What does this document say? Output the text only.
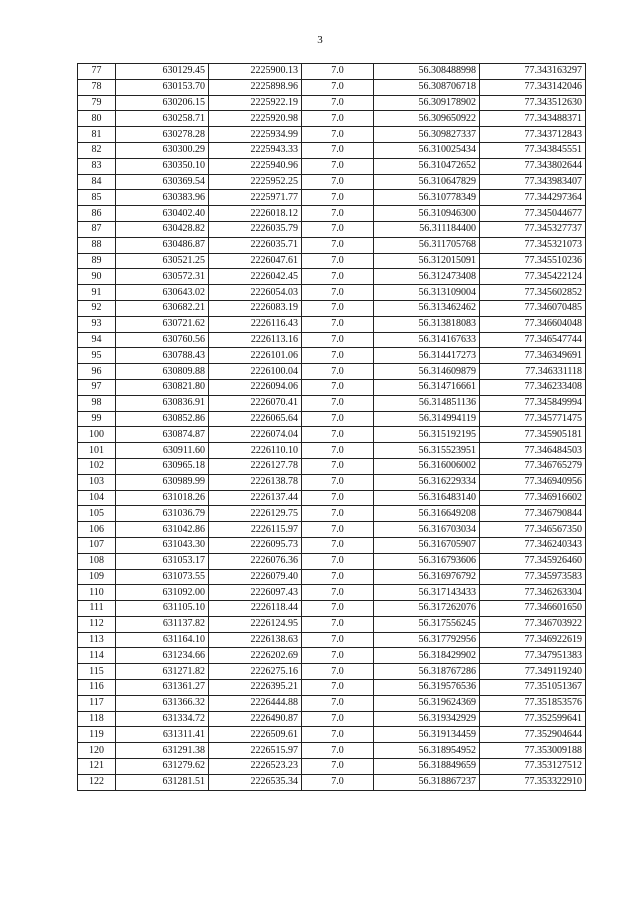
3
77	630129.45	2225900.13	7.0	56.308488998	77.343163297
78	630153.70	2225898.96	7.0	56.308706718	77.343142046
79	630206.15	2225922.19	7.0	56.309178902	77.343512630
80	630258.71	2225920.98	7.0	56.309650922	77.343488371
81	630278.28	2225934.99	7.0	56.309827337	77.343712843
82	630300.29	2225943.33	7.0	56.310025434	77.343845551
83	630350.10	2225940.96	7.0	56.310472652	77.343802644
84	630369.54	2225952.25	7.0	56.310647829	77.343983407
85	630383.96	2225971.77	7.0	56.310778349	77.344297364
86	630402.40	2226018.12	7.0	56.310946300	77.345044677
87	630428.82	2226035.79	7.0	56.311184400	77.345327737
88	630486.87	2226035.71	7.0	56.311705768	77.345321073
89	630521.25	2226047.61	7.0	56.312015091	77.345510236
90	630572.31	2226042.45	7.0	56.312473408	77.345422124
91	630643.02	2226054.03	7.0	56.313109004	77.345602852
92	630682.21	2226083.19	7.0	56.313462462	77.346070485
93	630721.62	2226116.43	7.0	56.313818083	77.346604048
94	630760.56	2226113.16	7.0	56.314167633	77.346547744
95	630788.43	2226101.06	7.0	56.314417273	77.346349691
96	630809.88	2226100.04	7.0	56.314609879	77.346331118
97	630821.80	2226094.06	7.0	56.314716661	77.346233408
98	630836.91	2226070.41	7.0	56.314851136	77.345849994
99	630852.86	2226065.64	7.0	56.314994119	77.345771475
100	630874.87	2226074.04	7.0	56.315192195	77.345905181
101	630911.60	2226110.10	7.0	56.315523951	77.346484503
102	630965.18	2226127.78	7.0	56.316006002	77.346765279
103	630989.99	2226138.78	7.0	56.316229334	77.346940956
104	631018.26	2226137.44	7.0	56.316483140	77.346916602
105	631036.79	2226129.75	7.0	56.316649208	77.346790844
106	631042.86	2226115.97	7.0	56.316703034	77.346567350
107	631043.30	2226095.73	7.0	56.316705907	77.346240343
108	631053.17	2226076.36	7.0	56.316793606	77.345926460
109	631073.55	2226079.40	7.0	56.316976792	77.345973583
110	631092.00	2226097.43	7.0	56.317143433	77.346263304
111	631105.10	2226118.44	7.0	56.317262076	77.346601650
112	631137.82	2226124.95	7.0	56.317556245	77.346703922
113	631164.10	2226138.63	7.0	56.317792956	77.346922619
114	631234.66	2226202.69	7.0	56.318429902	77.347951383
115	631271.82	2226275.16	7.0	56.318767286	77.349119240
116	631361.27	2226395.21	7.0	56.319576536	77.351051367
117	631366.32	2226444.88	7.0	56.319624369	77.351853576
118	631334.72	2226490.87	7.0	56.319342929	77.352599641
119	631311.41	2226509.61	7.0	56.319134459	77.352904644
120	631291.38	2226515.97	7.0	56.318954952	77.353009188
121	631279.62	2226523.23	7.0	56.318849659	77.353127512
122	631281.51	2226535.34	7.0	56.318867237	77.353322910
